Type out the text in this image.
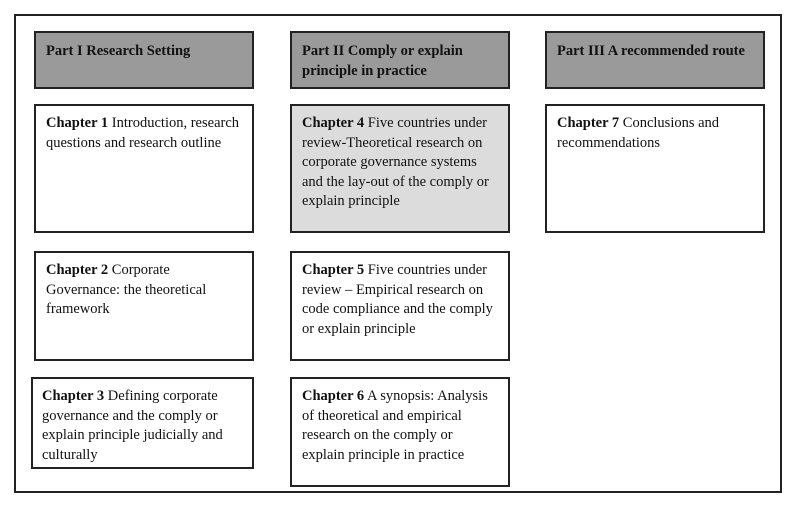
Part I Research Setting
Chapter 1 Introduction, research questions and research outline
Chapter 2 Corporate Governance: the theoretical framework
Chapter 3 Defining corporate governance and the comply or explain principle judicially and culturally
Part II Comply or explain principle in practice
Chapter 4 Five countries under review-Theoretical research on corporate governance systems and the lay-out of the comply or explain principle
Chapter 5 Five countries under review – Empirical research on code compliance and the comply or explain principle
Chapter 6 A synopsis: Analysis of theoretical and empirical research on the comply or explain principle in practice
Part III A recommended route
Chapter 7 Conclusions and recommendations
